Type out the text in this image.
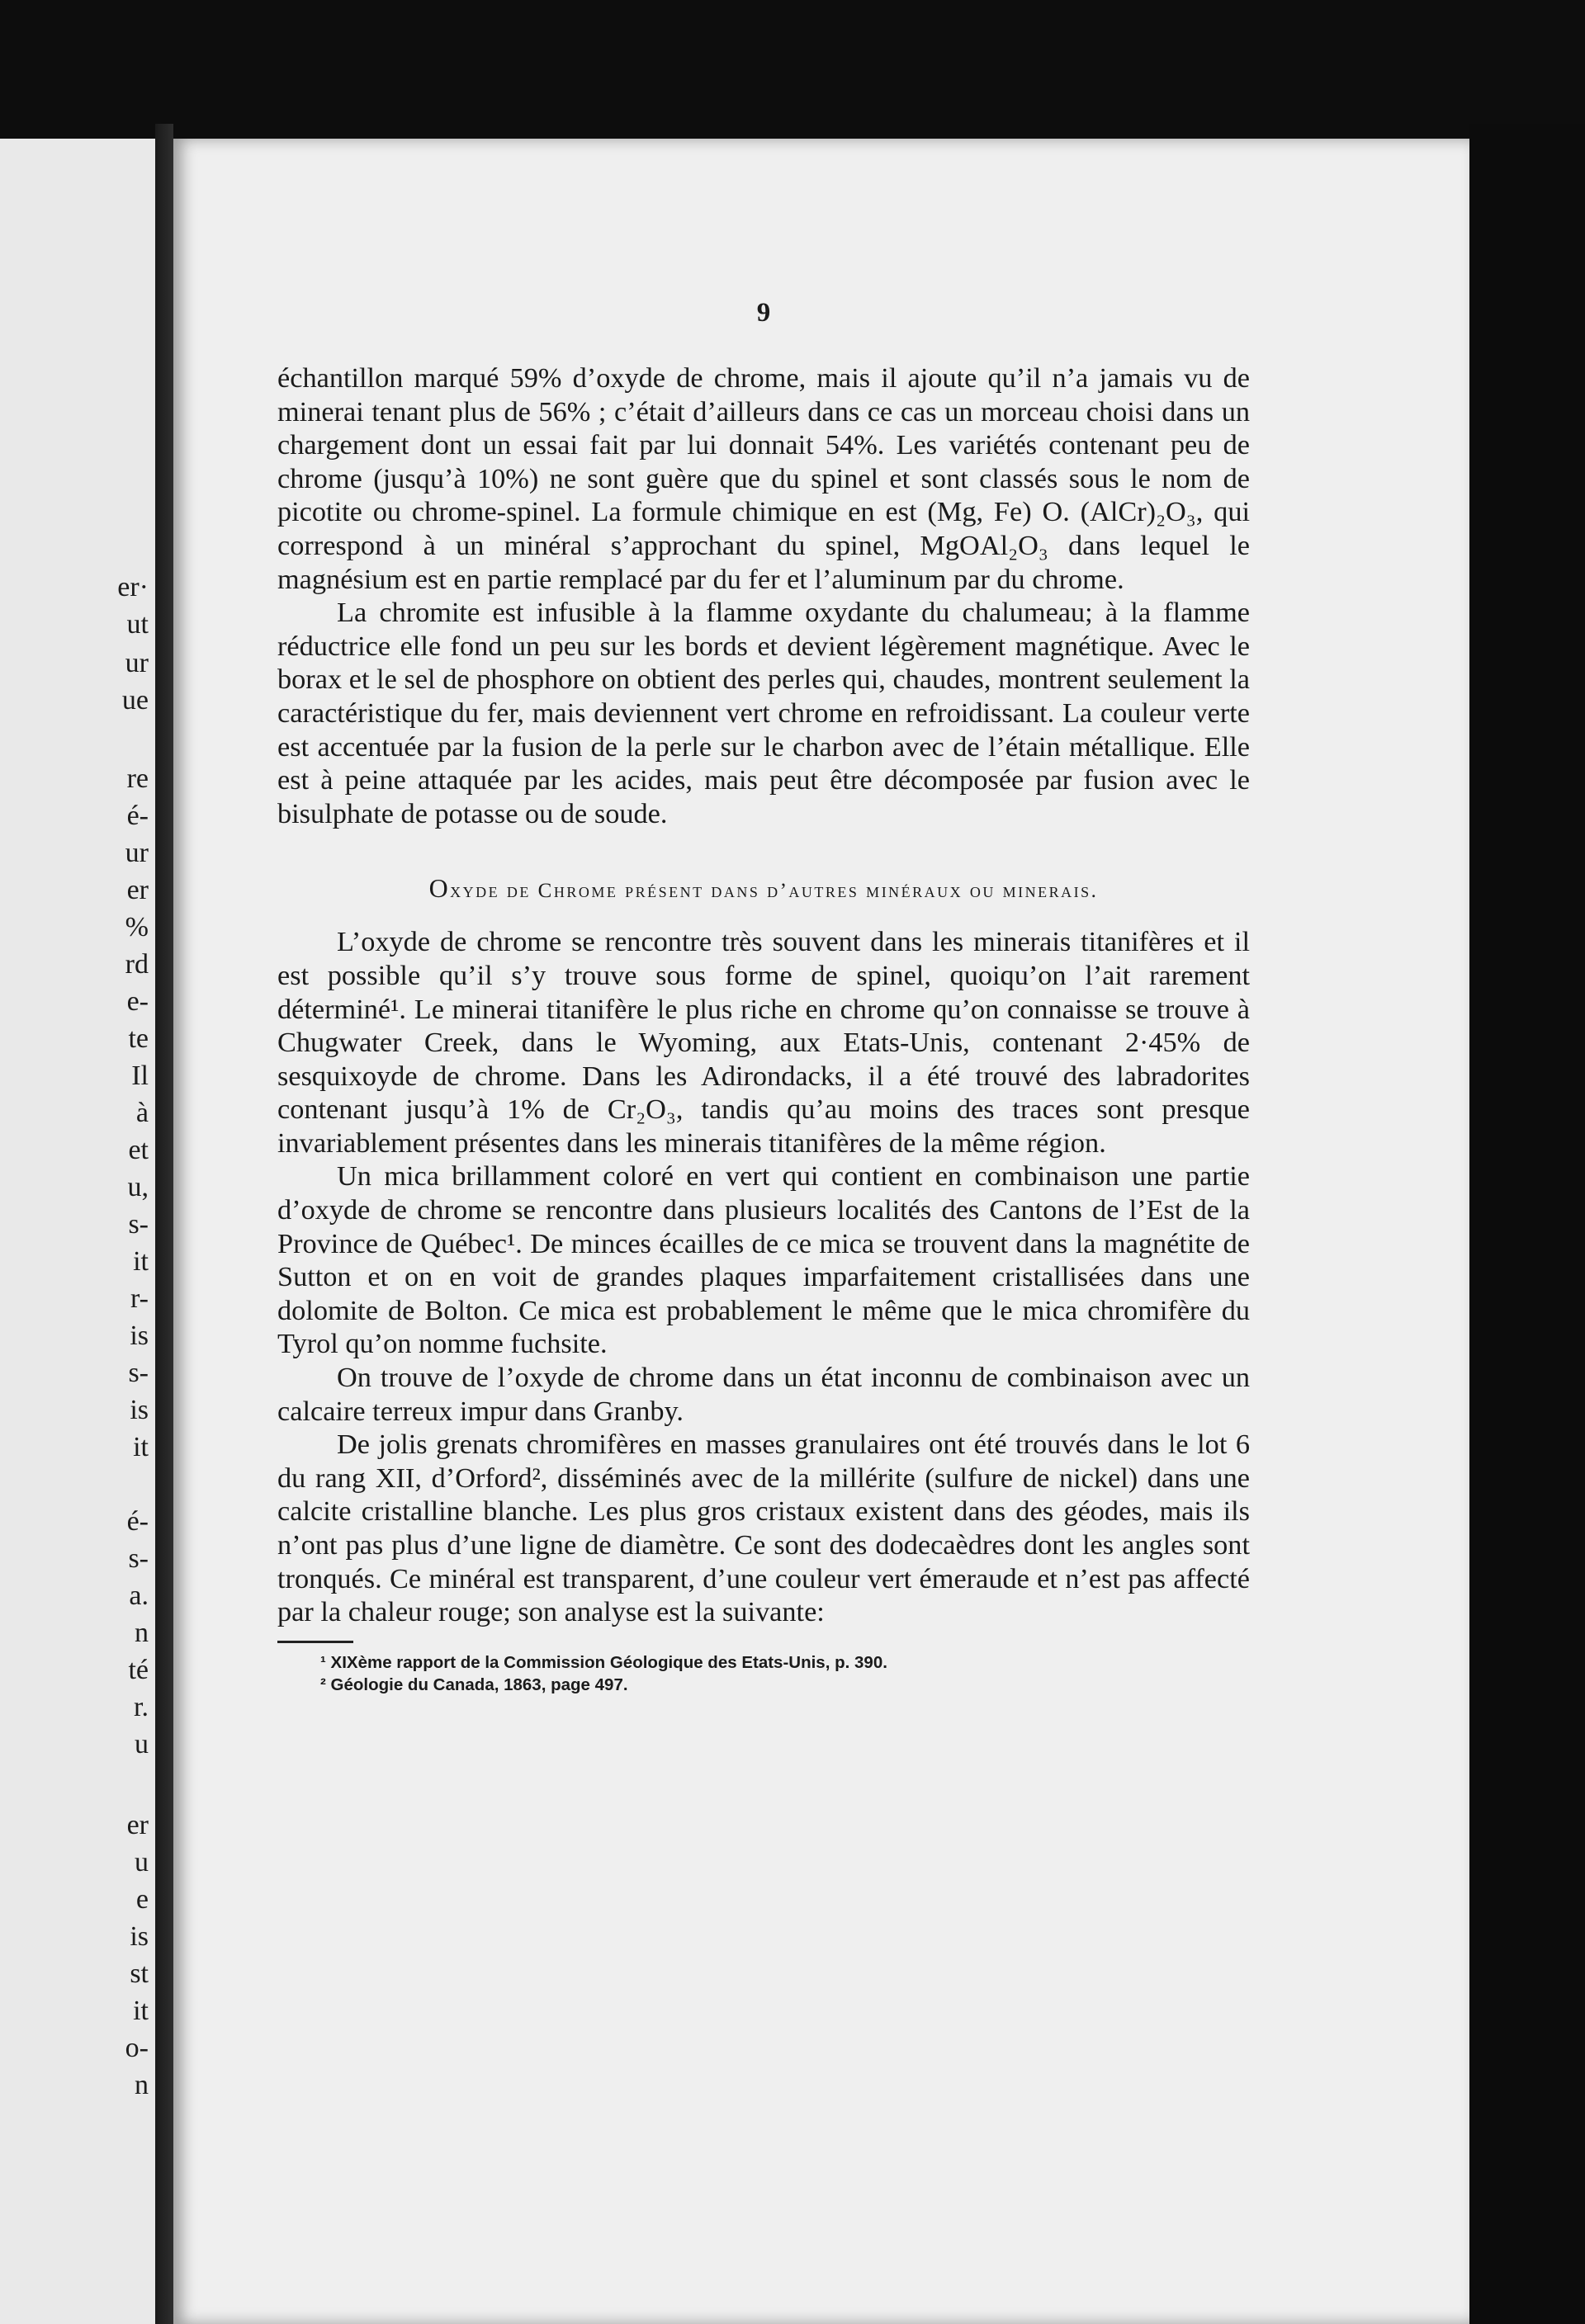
er·
ut
ur
ue
re
é-
ur
er
%
rd
e-
te
Il
à
et
u,
s-
it
r-
is
s-
is
it
é-
s-
a.
n
té
r.
u
er
u
e
is
st
it
o-
n
9

échantillon marqué 59% d’oxyde de chrome, mais il ajoute qu’il n’a jamais vu de minerai tenant plus de 56% ; c’était d’ailleurs dans ce cas un morceau choisi dans un chargement dont un essai fait par lui donnait 54%. Les variétés contenant peu de chrome (jusqu’à 10%) ne sont guère que du spinel et sont classés sous le nom de picotite ou chrome-spinel. La formule chimique en est (Mg, Fe) O. (AlCr)₂O₃, qui correspond à un minéral s’approchant du spinel, MgOAl₂O₃ dans lequel le magnésium est en partie remplacé par du fer et l’aluminum par du chrome.

La chromite est infusible à la flamme oxydante du chalumeau; à la flamme réductrice elle fond un peu sur les bords et devient légèrement magnétique. Avec le borax et le sel de phosphore on obtient des perles qui, chaudes, montrent seulement la caractéristique du fer, mais deviennent vert chrome en refroidissant. La couleur verte est accentuée par la fusion de la perle sur le charbon avec de l’étain métallique. Elle est à peine attaquée par les acides, mais peut être décomposée par fusion avec le bisulphate de potasse ou de soude.

Oxyde de Chrome présent dans d’autres minéraux ou minerais.

L’oxyde de chrome se rencontre très souvent dans les minerais titanifères et il est possible qu’il s’y trouve sous forme de spinel, quoiqu’on l’ait rarement déterminé¹. Le minerai titanifère le plus riche en chrome qu’on connaisse se trouve à Chugwater Creek, dans le Wyoming, aux Etats-Unis, contenant 2·45% de sesquixoyde de chrome. Dans les Adirondacks, il a été trouvé des labradorites contenant jusqu’à 1% de Cr₂O₃, tandis qu’au moins des traces sont presque invariablement présentes dans les minerais titanifères de la même région.

Un mica brillamment coloré en vert qui contient en combinaison une partie d’oxyde de chrome se rencontre dans plusieurs localités des Cantons de l’Est de la Province de Québec¹. De minces écailles de ce mica se trouvent dans la magnétite de Sutton et on en voit de grandes plaques imparfaitement cristallisées dans une dolomite de Bolton. Ce mica est probablement le même que le mica chromifère du Tyrol qu’on nomme fuchsite.

On trouve de l’oxyde de chrome dans un état inconnu de combinaison avec un calcaire terreux impur dans Granby.

De jolis grenats chromifères en masses granulaires ont été trouvés dans le lot 6 du rang XII, d’Orford², disséminés avec de la millérite (sulfure de nickel) dans une calcite cristalline blanche. Les plus gros cristaux existent dans des géodes, mais ils n’ont pas plus d’une ligne de diamètre. Ce sont des dodecaèdres dont les angles sont tronqués. Ce minéral est transparent, d’une couleur vert émeraude et n’est pas affecté par la chaleur rouge; son analyse est la suivante:

¹ XIXème rapport de la Commission Géologique des Etats-Unis, p. 390.

² Géologie du Canada, 1863, page 497.
